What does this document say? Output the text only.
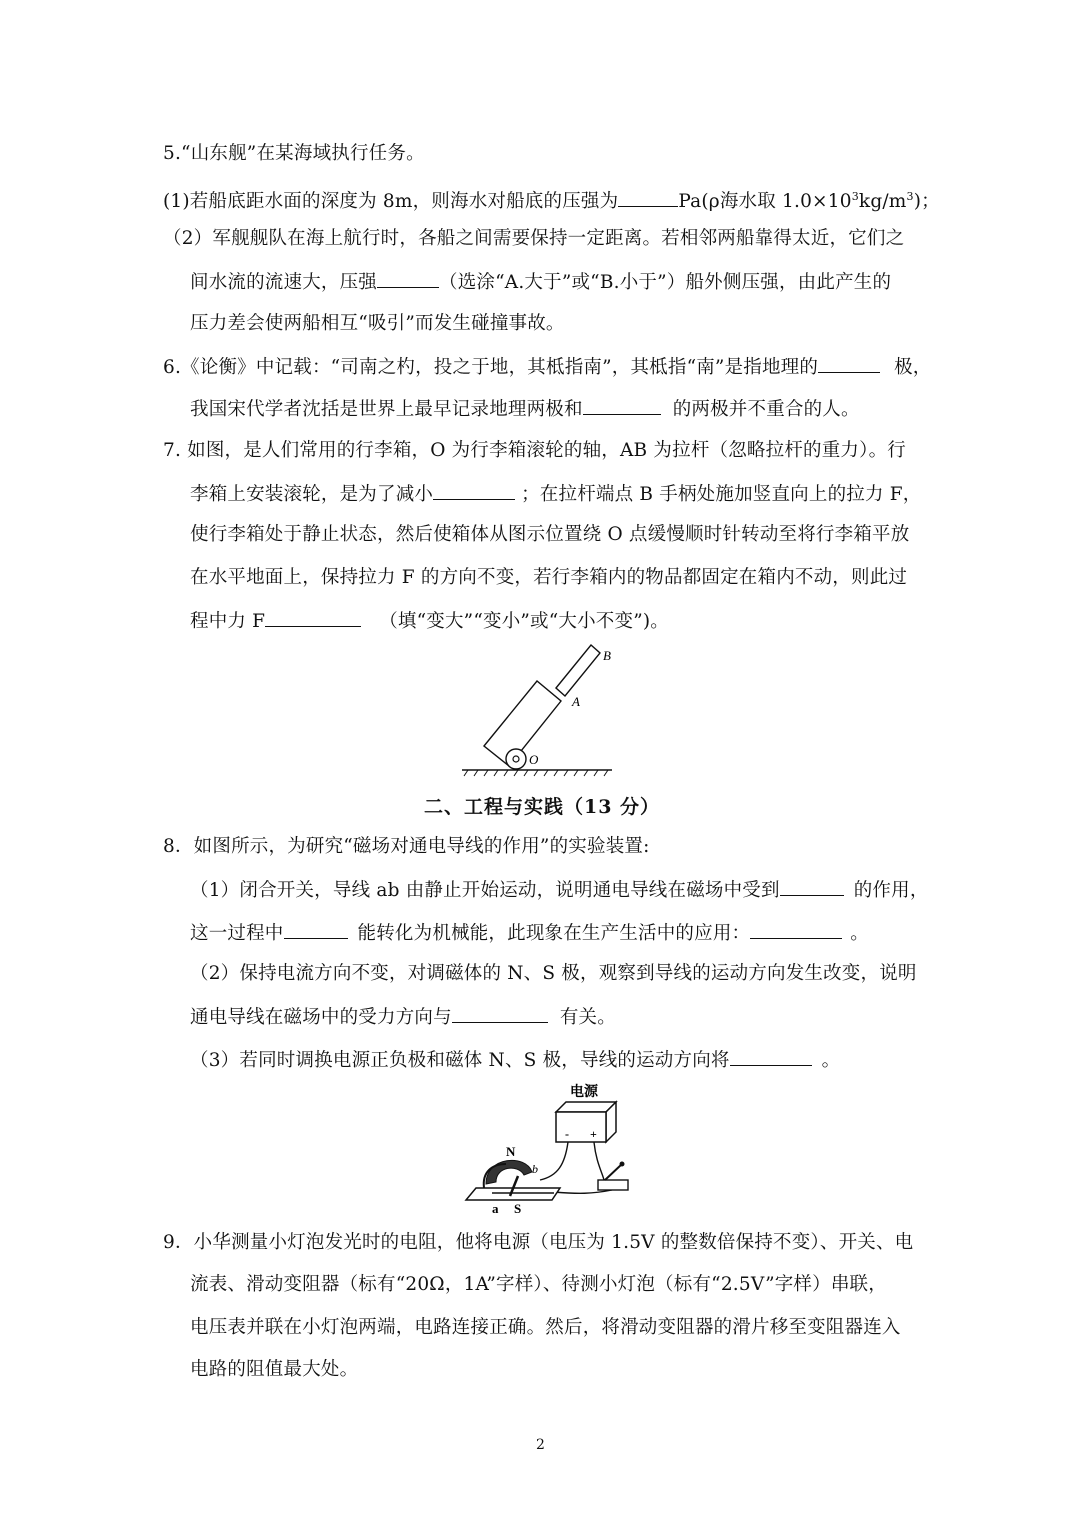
5.“山东舰”在某海域执行任务。
(1)若船底距水面的深度为 8m，则海水对船底的压强为	Pa(ρ海水取 $1.0\times 10^3kg/m^3$)；
（2）军舰舰队在海上航行时，各船之间需要保持一定距离。若相邻两船靠得太近，它们之
间水流的流速大，压强	（选涂“A.大于”或“B.小于”）船外侧压强，由此产生的
压力差会使两船相互“吸引”而发生碰撞事故。
6.《论衡》中记载：“司南之杓，投之于地，其柢指南”，其柢指“南”是指地理的	极，
我国宋代学者沈括是世界上最早记录地理两极和	的两极并不重合的人。
7. 如图，是人们常用的行李箱，O 为行李箱滚轮的轴，AB 为拉杆（忽略拉杆的重力）。行
李箱上安装滚轮，是为了减小	；在拉杆端点 B 手柄处施加竖直向上的拉力 F，
使行李箱处于静止状态，然后使箱体从图示位置绕 O 点缓慢顺时针转动至将行李箱平放
在水平地面上，保持拉力 F 的方向不变，若行李箱内的物品都固定在箱内不动，则此过
程中力 F	（填“变大”“变小”或“大小不变”)。
B
A
O
二、工程与实践（13 分）
8．如图所示，为研究“磁场对通电导线的作用”的实验装置:
（1）闭合开关，导线 ab 由静止开始运动，说明通电导线在磁场中受到	的作用，
这一过程中	能转化为机械能，此现象在生产生活中的应用：	。
（2）保持电流方向不变，对调磁体的 N、S 极，观察到导线的运动方向发生改变，说明
通电导线在磁场中的受力方向与	有关。
（3）若同时调换电源正负极和磁体 N、S 极，导线的运动方向将	。
电源
- +
N
b
a S
9．小华测量小灯泡发光时的电阻，他将电源（电压为 1.5V 的整数倍保持不变）、开关、电
流表、滑动变阻器（标有“20Ω，1A”字样）、待测小灯泡（标有“2.5V”字样）串联，
电压表并联在小灯泡两端，电路连接正确。然后，将滑动变阻器的滑片移至变阻器连入
电路的阻值最大处。
2
